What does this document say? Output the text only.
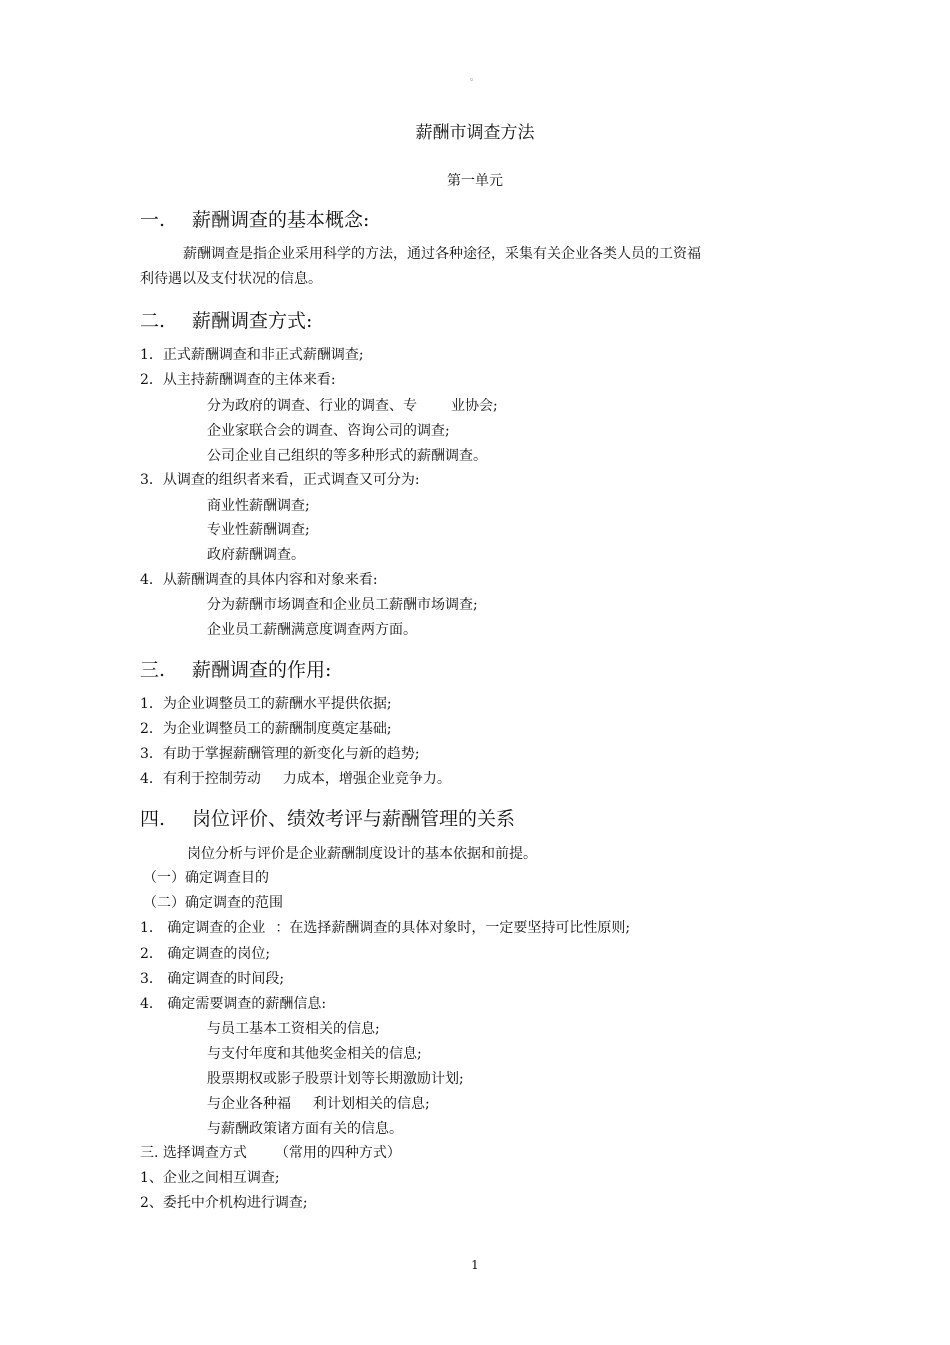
。
薪酬市调查方法
第一单元
一. 薪酬调查的基本概念:
薪酬调查是指企业采用科学的方法，通过各种途径，采集有关企业各类人员的工资福
利待遇以及支付状况的信息。
二. 薪酬调查方式:
1．正式薪酬调查和非正式薪酬调查;
2．从主持薪酬调查的主体来看:
分为政府的调查、行业的调查、专 业协会;
企业家联合会的调查、咨询公司的调查;
公司企业自己组织的等多种形式的薪酬调查。
3．从调查的组织者来看，正式调查又可分为:
商业性薪酬调查;
专业性薪酬调查;
政府薪酬调查。
4．从薪酬调查的具体内容和对象来看:
分为薪酬市场调查和企业员工薪酬市场调查;
企业员工薪酬满意度调查两方面。
三. 薪酬调查的作用:
1．为企业调整员工的薪酬水平提供依据;
2．为企业调整员工的薪酬制度奠定基础;
3．有助于掌握薪酬管理的新变化与新的趋势;
4．有利于控制劳动 力成本，增强企业竞争力。
四. 岗位评价、绩效考评与薪酬管理的关系
岗位分析与评价是企业薪酬制度设计的基本依据和前提。
（一）确定调查目的
（二）确定调查的范围
1． 确定调查的企业 ：在选择薪酬调查的具体对象时，一定要坚持可比性原则;
2． 确定调查的岗位;
3． 确定调查的时间段;
4． 确定需要调查的薪酬信息:
与员工基本工资相关的信息;
与支付年度和其他奖金相关的信息;
股票期权或影子股票计划等长期激励计划;
与企业各种福 利计划相关的信息;
与薪酬政策诸方面有关的信息。
三. 选择调查方式 （常用的四种方式）
1、企业之间相互调查;
2、委托中介机构进行调查;
1
